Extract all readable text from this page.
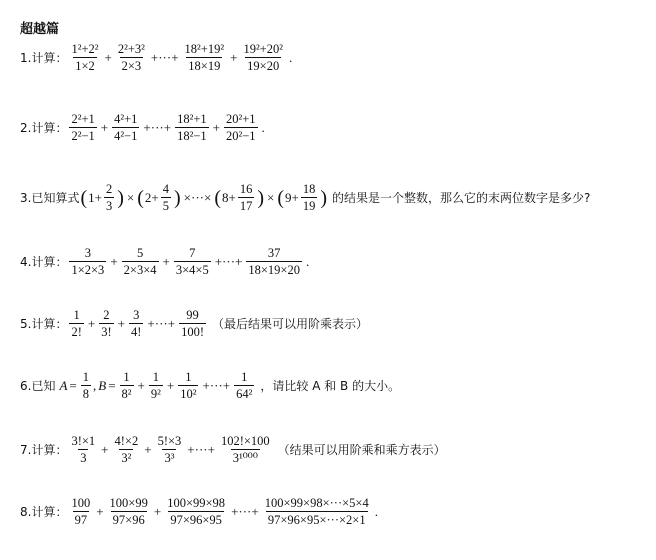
超越篇
1.计算： $\frac{\text{1²+2²}}{1\times 2} + \frac{\text{2²+3²}}{2\times 3}$ +···+ $\frac{\text{18²+19²}}{18\times 19} + \frac{\text{19²+20²}}{19\times 20}$ .
2.计算： $\frac{\text{2²+1}}{\text{2²−1}} + \frac{\text{4²+1}}{\text{4²−1}}$ +···+ $\frac{\text{18²+1}}{\text{18²−1}} + \frac{\text{20²+1}}{\text{20²−1}}$ .
3.已知算式 ( $1+ \frac{2}{3}$ ) × ( $2+ \frac{4}{5}$ ) ×···× ( $8+ \frac{16}{17}$ ) × ( $9+ \frac{18}{19}$ ) 的结果是一个整数，那么它的末两位数字是多少?
4.计算： $\frac{3}{1\times 2\times 3} + \frac{5}{2\times 3\times 4} + \frac{7}{3\times 4\times 5}$ +···+ $\frac{37}{18\times 19\times 20}$ .
5.计算： $\frac{1}{2!} + \frac{2}{3!} + \frac{3}{4!}$ +···+ $\frac{99}{100!}$ （最后结果可以用阶乘表示）
6.已知 $A = \frac{1}{8}$ , $B = \frac{1}{\text{8²}} + \frac{1}{\text{9²}} + \frac{1}{\text{10²}}$ +···+ $\frac{1}{\text{64²}}$ ，请比较 A 和 B 的大小。
7.计算： $\frac{3!\times 1}{3} + \frac{4!\times 2}{\text{3²}} + \frac{5!\times 3}{\text{3³}}$ +···+ $\frac{102!\times 100}{\text{3¹⁰⁰⁰}}$ （结果可以用阶乘和乘方表示）
8.计算： $\frac{100}{97} + \frac{100\times 99}{97\times 96} + \frac{100\times 99\times 98}{97\times 96\times 95}$ +···+ $\frac{100\times 99\times 98\times\cdot\cdot\cdot\times 5\times 4}{97\times 96\times 95\times\cdot\cdot\cdot\times 2\times 1}$ .
